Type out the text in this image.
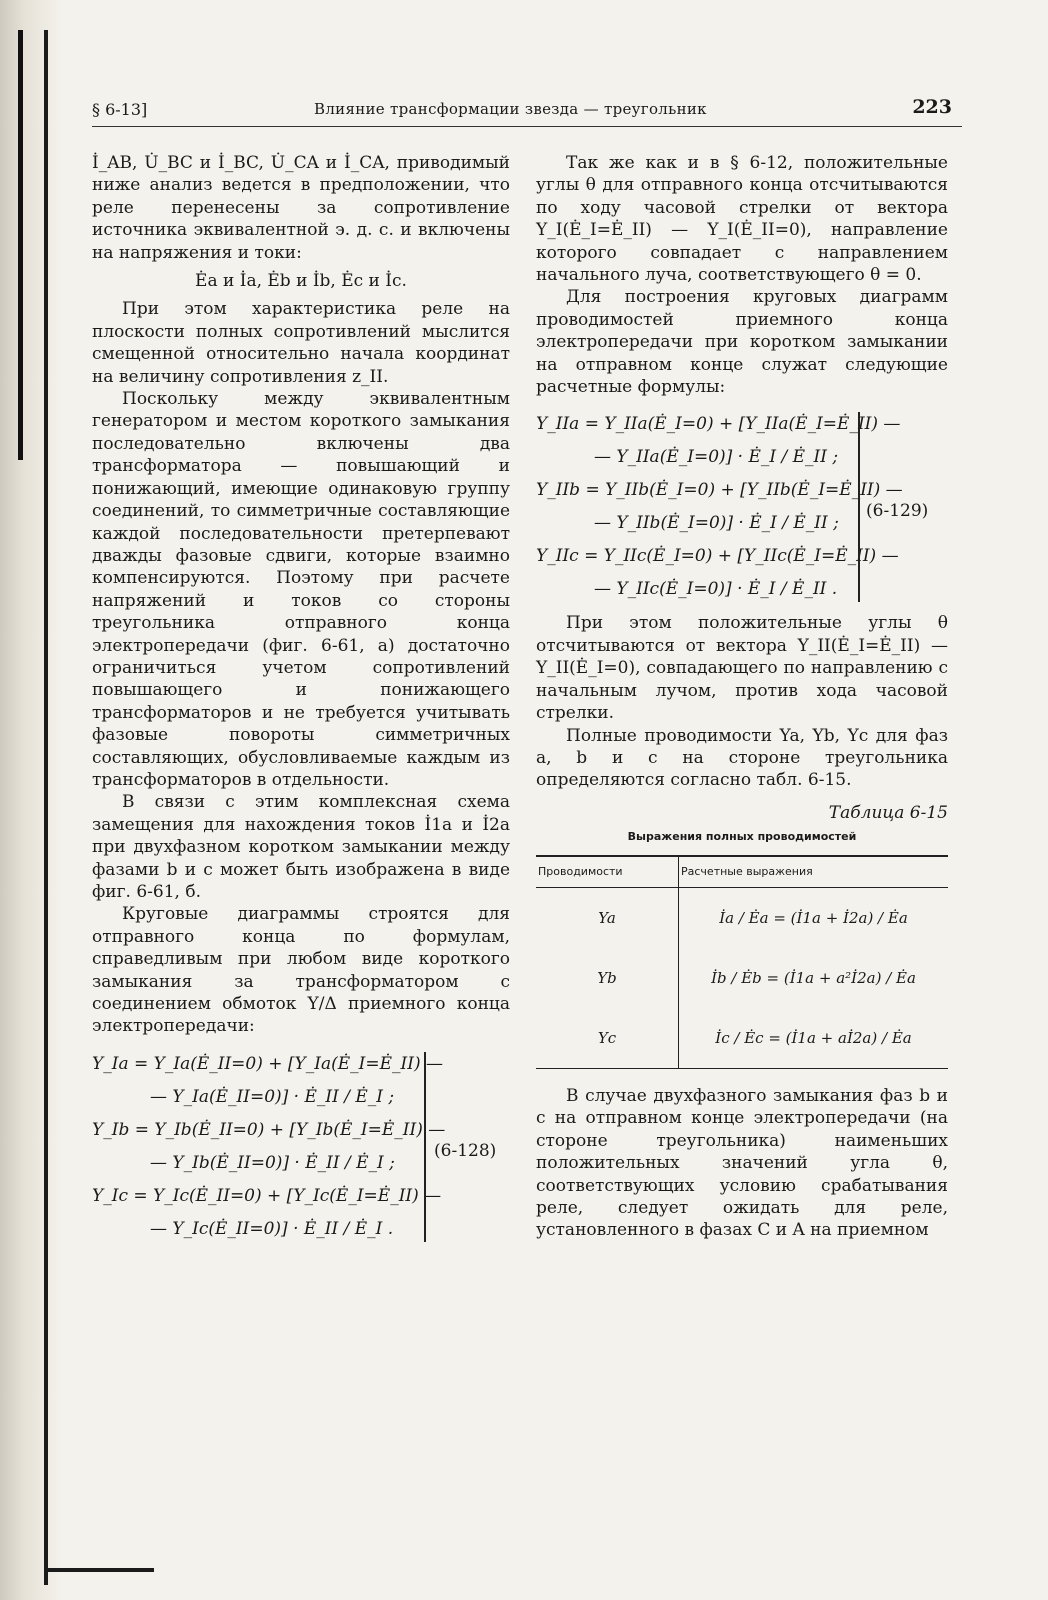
§ 6-13]	Влияние трансформации звезда — треугольник	223

İ_AB, U̇_BC и İ_BC, U̇_CA и İ_CA, приводимый ниже анализ ведется в предположении, что реле перенесены за сопротивление источника эквивалентной э. д. с. и включены на напряжения и токи:

Ėa и İa, Ėb и İb, Ėc и İc.

При этом характеристика реле на плоскости полных сопротивлений мыслится смещенной относительно начала координат на величину сопротивления z_II.

Поскольку между эквивалентным генератором и местом короткого замыкания последовательно включены два трансформатора — повышающий и понижающий, имеющие одинаковую группу соединений, то симметричные составляющие каждой последовательности претерпевают дважды фазовые сдвиги, которые взаимно компенсируются. Поэтому при расчете напряжений и токов со стороны треугольника отправного конца электропередачи (фиг. 6-61, а) достаточно ограничиться учетом сопротивлений повышающего и понижающего трансформаторов и не требуется учитывать фазовые повороты симметричных составляющих, обусловливаемые каждым из трансформаторов в отдельности.

В связи с этим комплексная схема замещения для нахождения токов İ1a и İ2a при двухфазном коротком замыкании между фазами b и c может быть изображена в виде фиг. 6-61, б.

Круговые диаграммы строятся для отправного конца по формулам, справедливым при любом виде короткого замыкания за трансформатором с соединением обмоток Y/Δ приемного конца электропередачи:

Y_Ia = Y_Ia(Ė_II=0) + [Y_Ia(Ė_I=Ė_II) —
— Y_Ia(Ė_II=0)] · Ė_II / Ė_I ;
Y_Ib = Y_Ib(Ė_II=0) + [Y_Ib(Ė_I=Ė_II) —
— Y_Ib(Ė_II=0)] · Ė_II / Ė_I ;
Y_Ic = Y_Ic(Ė_II=0) + [Y_Ic(Ė_I=Ė_II) —
— Y_Ic(Ė_II=0)] · Ė_II / Ė_I .
(6-128)

Так же как и в § 6-12, положительные углы θ для отправного конца отсчитываются по ходу часовой стрелки от вектора Y_I(Ė_I=Ė_II) — Y_I(Ė_II=0), направление которого совпадает с направлением начального луча, соответствующего θ = 0.

Для построения круговых диаграмм проводимостей приемного конца электропередачи при коротком замыкании на отправном конце служат следующие расчетные формулы:

Y_IIa = Y_IIa(Ė_I=0) + [Y_IIa(Ė_I=Ė_II) —
— Y_IIa(Ė_I=0)] · Ė_I / Ė_II ;
Y_IIb = Y_IIb(Ė_I=0) + [Y_IIb(Ė_I=Ė_II) —
— Y_IIb(Ė_I=0)] · Ė_I / Ė_II ;
Y_IIc = Y_IIc(Ė_I=0) + [Y_IIc(Ė_I=Ė_II) —
— Y_IIc(Ė_I=0)] · Ė_I / Ė_II .
(6-129)

При этом положительные углы θ отсчитываются от вектора Y_II(Ė_I=Ė_II) — Y_II(Ė_I=0), совпадающего по направлению с начальным лучом, против хода часовой стрелки.

Полные проводимости Ya, Yb, Yc для фаз a, b и c на стороне треугольника определяются согласно табл. 6-15.

Таблица 6-15

Выражения полных проводимостей

Проводимости	Расчетные выражения
Ya	İa / Ėa = (İ1a + İ2a) / Ėa
Yb	İb / Ėb = (İ1a + a²İ2a) / Ėa
Yc	İc / Ėc = (İ1a + aİ2a) / Ėa

В случае двухфазного замыкания фаз b и c на отправном конце электропередачи (на стороне треугольника) наименьших положительных значений угла θ, соответствующих условию срабатывания реле, следует ожидать для реле, установленного в фазах C и A на приемном
